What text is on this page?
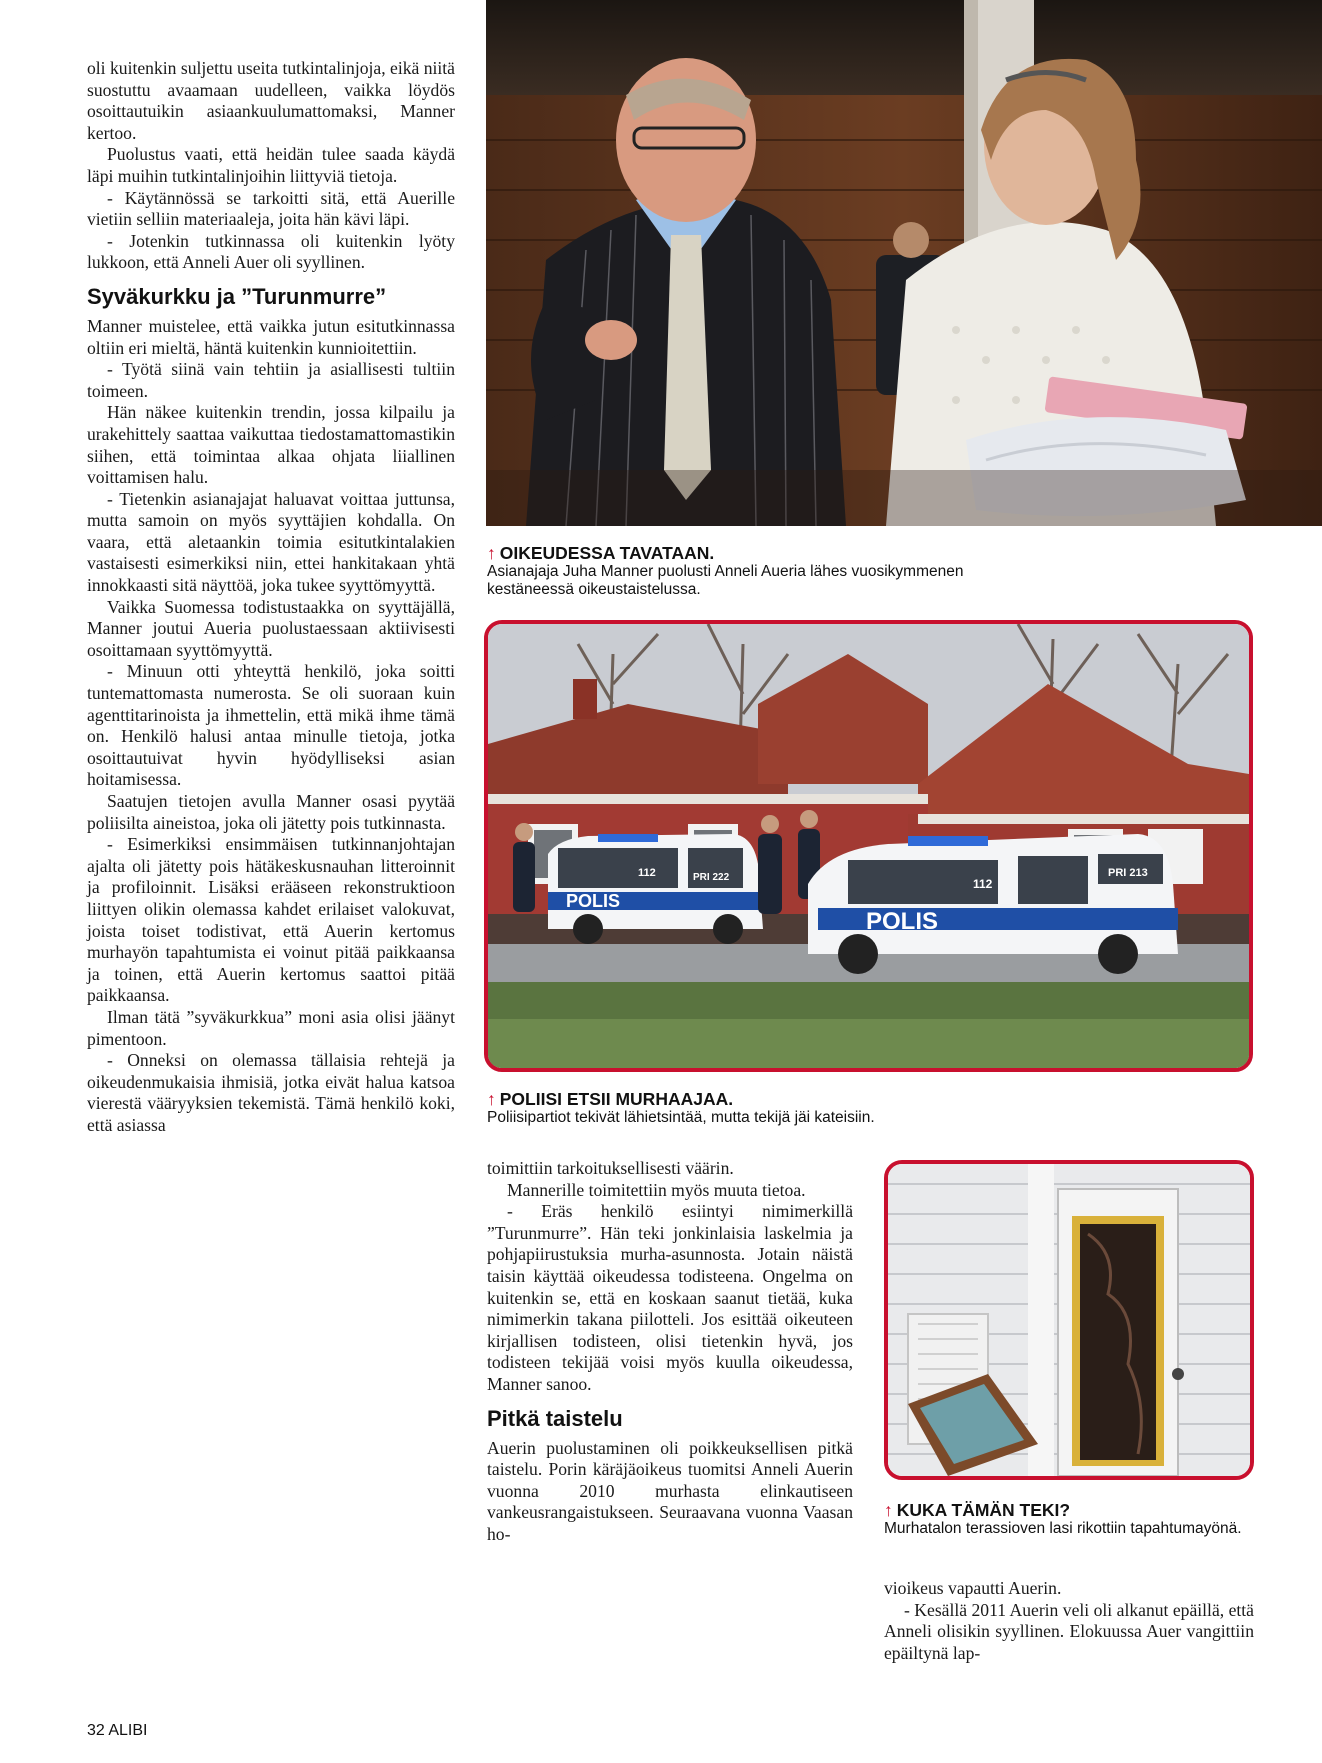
oli kuitenkin suljettu useita tutkintalinjoja, eikä niitä suostuttu avaamaan uudelleen, vaikka löydös osoittautuikin asiaankuulumattomaksi, Manner kertoo.

Puolustus vaati, että heidän tulee saada käydä läpi muihin tutkintalinjoihin liittyviä tietoja.

- Käytännössä se tarkoitti sitä, että Auerille vietiin selliin materiaaleja, joita hän kävi läpi.

- Jotenkin tutkinnassa oli kuitenkin lyöty lukkoon, että Anneli Auer oli syyllinen.

Syväkurkku ja ”Turunmurre”

Manner muistelee, että vaikka jutun esitutkinnassa oltiin eri mieltä, häntä kuitenkin kunnioitettiin.

- Työtä siinä vain tehtiin ja asiallisesti tultiin toimeen.

Hän näkee kuitenkin trendin, jossa kilpailu ja urakehittely saattaa vaikuttaa tiedostamattomastikin siihen, että toimintaa alkaa ohjata liiallinen voittamisen halu.

- Tietenkin asianajajat haluavat voittaa juttunsa, mutta samoin on myös syyttäjien kohdalla. On vaara, että aletaankin toimia esitutkintalakien vastaisesti esimerkiksi niin, ettei hankitakaan yhtä innokkaasti sitä näyttöä, joka tukee syyttömyyttä.

Vaikka Suomessa todistustaakka on syyttäjällä, Manner joutui Aueria puolustaessaan aktiivisesti osoittamaan syyttömyyttä.

- Minuun otti yhteyttä henkilö, joka soitti tuntemattomasta numerosta. Se oli suoraan kuin agenttitarinoista ja ihmettelin, että mikä ihme tämä on. Henkilö halusi antaa minulle tietoja, jotka osoittautuivat hyvin hyödylliseksi asian hoitamisessa.

Saatujen tietojen avulla Manner osasi pyytää poliisilta aineistoa, joka oli jätetty pois tutkinnasta.

- Esimerkiksi ensimmäisen tutkinnanjohtajan ajalta oli jätetty pois hätäkeskusnauhan litteroinnit ja profiloinnit. Lisäksi erääseen rekonstruktioon liittyen olikin olemassa kahdet erilaiset valokuvat, joista toiset todistivat, että Auerin kertomus murhayön tapahtumista ei voinut pitää paikkaansa ja toinen, että Auerin kertomus saattoi pitää paikkaansa.

Ilman tätä ”syväkurkkua” moni asia olisi jäänyt pimentoon.

- Onneksi on olemassa tällaisia rehtejä ja oikeudenmukaisia ihmisiä, jotka eivät halua katsoa vierestä vääryyksien tekemistä. Tämä henkilö koki, että asiassa

↑ OIKEUDESSA TAVATAAN.
Asianajaja Juha Manner puolusti Anneli Aueria lähes vuosikymmenen kestäneessä oikeustaistelussa.
POLIS
112	PRI 222
POLIS
112
PRI 213
↑ POLIISI ETSII MURHAAJAA.
Poliisipartiot tekivät lähietsintää, mutta tekijä jäi kateisiin.

toimittiin tarkoituksellisesti väärin.

Mannerille toimitettiin myös muuta tietoa.

- Eräs henkilö esiintyi nimimerkillä ”Turunmurre”. Hän teki jonkinlaisia laskelmia ja pohjapiirustuksia murha-asunnosta. Jotain näistä taisin käyttää oikeudessa todisteena. Ongelma on kuitenkin se, että en koskaan saanut tietää, kuka nimimerkin takana piilotteli. Jos esittää oikeuteen kirjallisen todisteen, olisi tietenkin hyvä, jos todisteen tekijää voisi myös kuulla oikeudessa, Manner sanoo.

Pitkä taistelu

Auerin puolustaminen oli poikkeuksellisen pitkä taistelu. Porin käräjäoikeus tuomitsi Anneli Auerin vuonna 2010 murhasta elinkautiseen vankeusrangaistukseen. Seuraavana vuonna Vaasan ho-

↑ KUKA TÄMÄN TEKI?
Murhatalon terassioven lasi rikottiin tapahtumayönä.

vioikeus vapautti Auerin.

- Kesällä 2011 Auerin veli oli alkanut epäillä, että Anneli olisikin syyllinen. Elokuussa Auer vangittiin epäiltynä lap-

32 ALIBI
